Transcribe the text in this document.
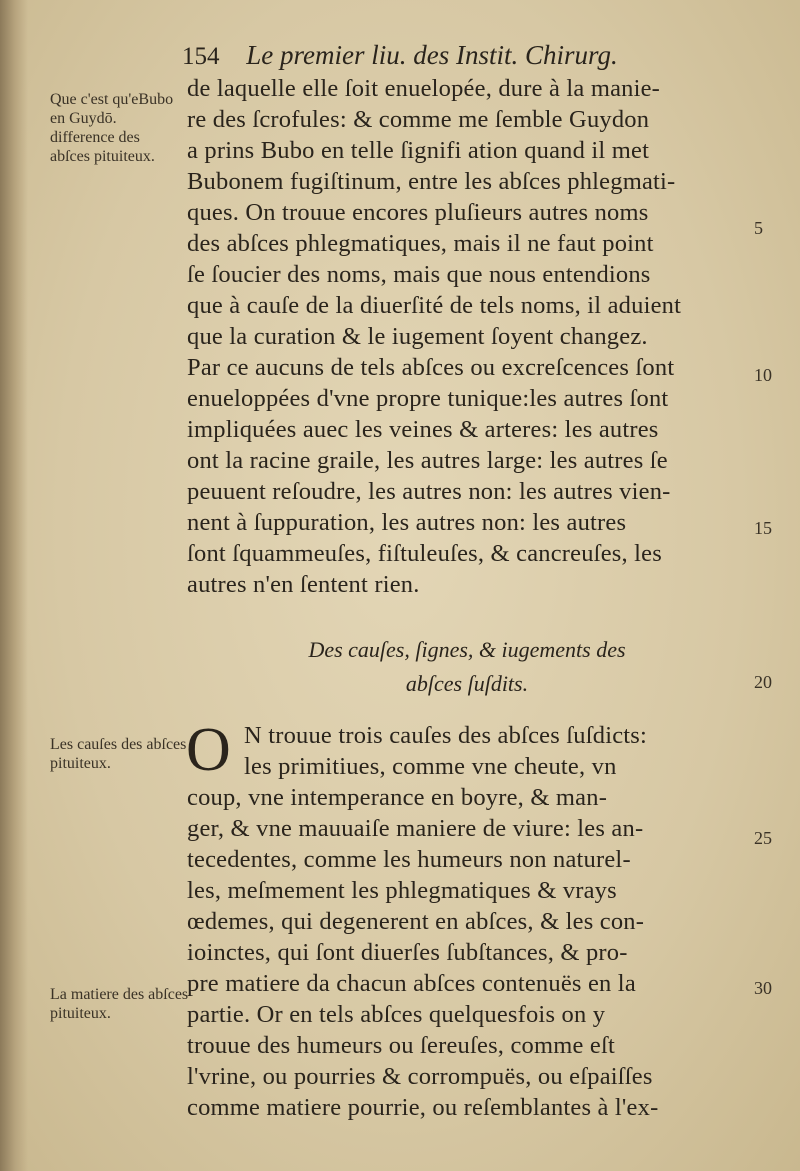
154 Le premier liu. des Instit. Chirurg.
Que c'est qu'eBubo en Guydō. difference des abſces pituiteux.
Les cauſes des abſces pituiteux.
La matiere des abſces pituiteux.
5
10
15
20
25
30
de laquelle elle ſoit enuelopée, dure à la manie-
re des ſcrofules: & comme me ſemble Guydon
a prins Bubo en telle ſignifi ation quand il met
Bubonem fugiſtinum, entre les abſces phlegmati-
ques. On trouue encores pluſieurs autres noms
des abſces phlegmatiques, mais il ne faut point
ſe ſoucier des noms, mais que nous entendions
que à cauſe de la diuerſité de tels noms, il aduient
que la curation & le iugement ſoyent changez.
Par ce aucuns de tels abſces ou excreſcences ſont
enueloppées d'vne propre tunique:les autres ſont
impliquées auec les veines & arteres: les autres
ont la racine graile, les autres large: les autres ſe
peuuent reſoudre, les autres non: les autres vien-
nent à ſuppuration, les autres non: les autres
ſont ſquammeuſes, fiſtuleuſes, & cancreuſes, les
autres n'en ſentent rien.
Des cauſes, ſignes, & iugements des
abſces ſuſdits.
O N trouue trois cauſes des abſces ſuſdicts:
les primitiues, comme vne cheute, vn
coup, vne intemperance en boyre, & man-
ger, & vne mauuaiſe maniere de viure: les an-
tecedentes, comme les humeurs non naturel-
les, meſmement les phlegmatiques & vrays
œdemes, qui degenerent en abſces, & les con-
ioinctes, qui ſont diuerſes ſubſtances, & pro-
pre matiere da chacun abſces contenuës en la
partie. Or en tels abſces quelquesfois on y
trouue des humeurs ou ſereuſes, comme eſt
l'vrine, ou pourries & corrompuës, ou eſpaiſſes
comme matiere pourrie, ou reſemblantes à l'ex-
